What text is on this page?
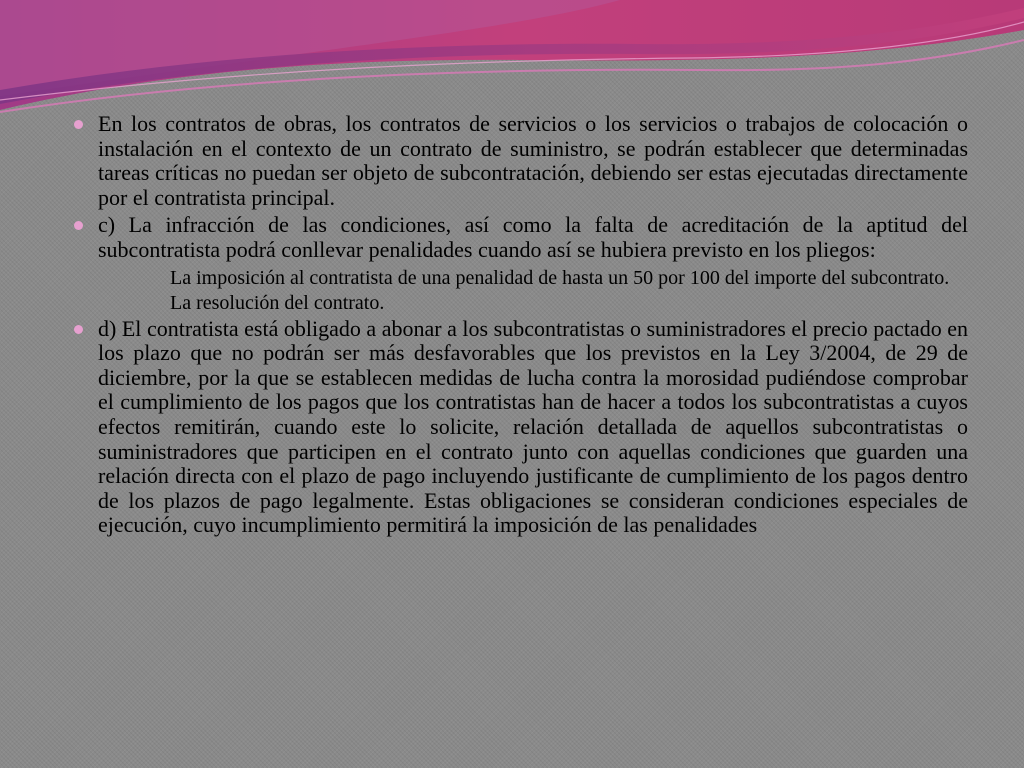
En los contratos de obras, los contratos de servicios o los servicios o trabajos de colocación o instalación en el contexto de un contrato de suministro, se podrán establecer que determinadas tareas críticas no puedan ser objeto de subcontratación, debiendo ser estas ejecutadas directamente por el contratista principal.
c) La infracción de las condiciones, así como la falta de acreditación de la aptitud del subcontratista podrá conllevar penalidades cuando así se hubiera previsto en los pliegos:
La imposición al contratista de una penalidad de hasta un 50 por 100 del importe del subcontrato.
La resolución del contrato.
d) El contratista está obligado a abonar a los subcontratistas o suministradores el precio pactado en los plazo que no podrán ser más desfavorables que los previstos en la Ley 3/2004, de 29 de diciembre, por la que se establecen medidas de lucha contra la morosidad pudiéndose comprobar el cumplimiento de los pagos que los contratistas han de hacer a todos los subcontratistas a cuyos efectos remitirán, cuando este lo solicite, relación detallada de aquellos subcontratistas o suministradores que participen en el contrato junto con aquellas condiciones que guarden una relación directa con el plazo de pago incluyendo justificante de cumplimiento de los pagos dentro de los plazos de pago legalmente. Estas obligaciones se consideran condiciones especiales de ejecución, cuyo incumplimiento permitirá la imposición de las penalidades
